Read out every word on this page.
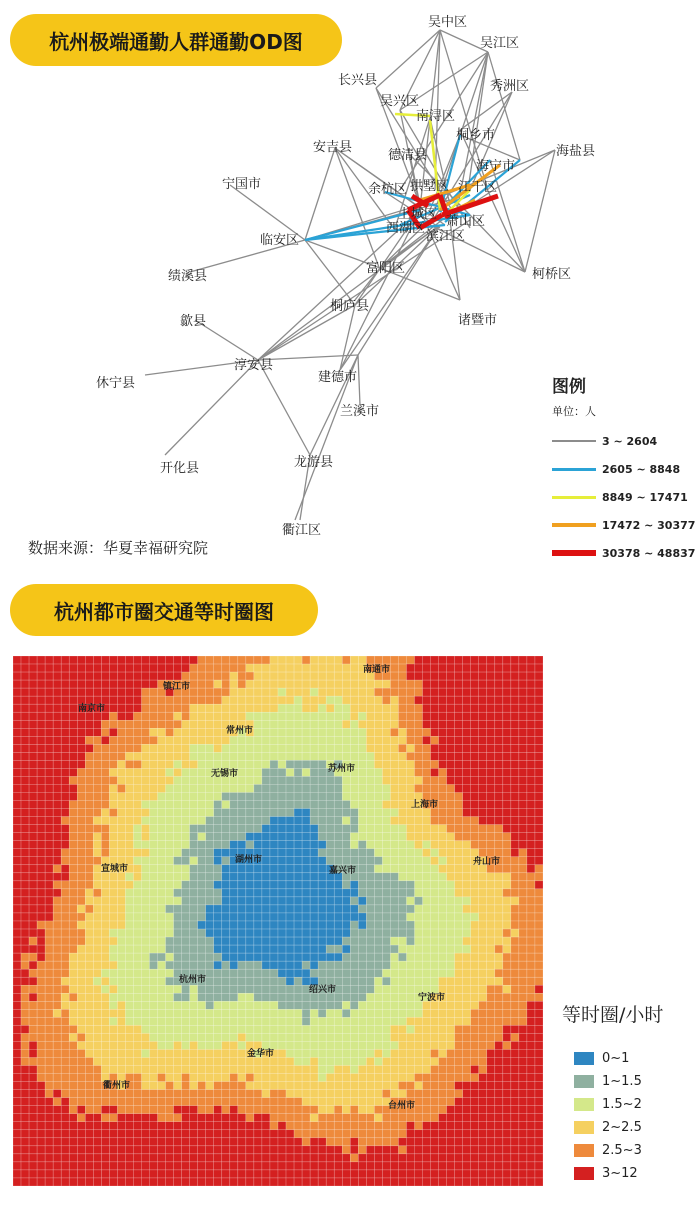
杭州极端通勤人群通勤OD图
吴中区
吴江区
长兴县	秀洲区
吴兴区
南浔区
桐乡市
海盐县
安吉县
德清县
海宁市
宁国市	余杭区 拱墅区 江干区
上城区
西湖区 萧山区
滨江区
临安区
富阳区	柯桥区
绩溪县
桐庐县
诸暨市
歙县
淳安县
建德市
休宁县
兰溪市
龙游县
开化县
衢江区
图例
单位：人
3 ~ 2604
2605 ~ 8848
8849 ~ 17471
17472 ~ 30377
30378 ~ 48837
数据来源：华夏幸福研究院
杭州都市圈交通等时圈图
南通市
镇江市
南京市
常州市
无锡市	苏州市
上海市
湖州市
嘉兴市
舟山市
宣城市
杭州市
绍兴市
宁波市
金华市
台州市
衢州市
等时圈/小时
0~1
1~1.5
1.5~2
2~2.5
2.5~3
3~12
